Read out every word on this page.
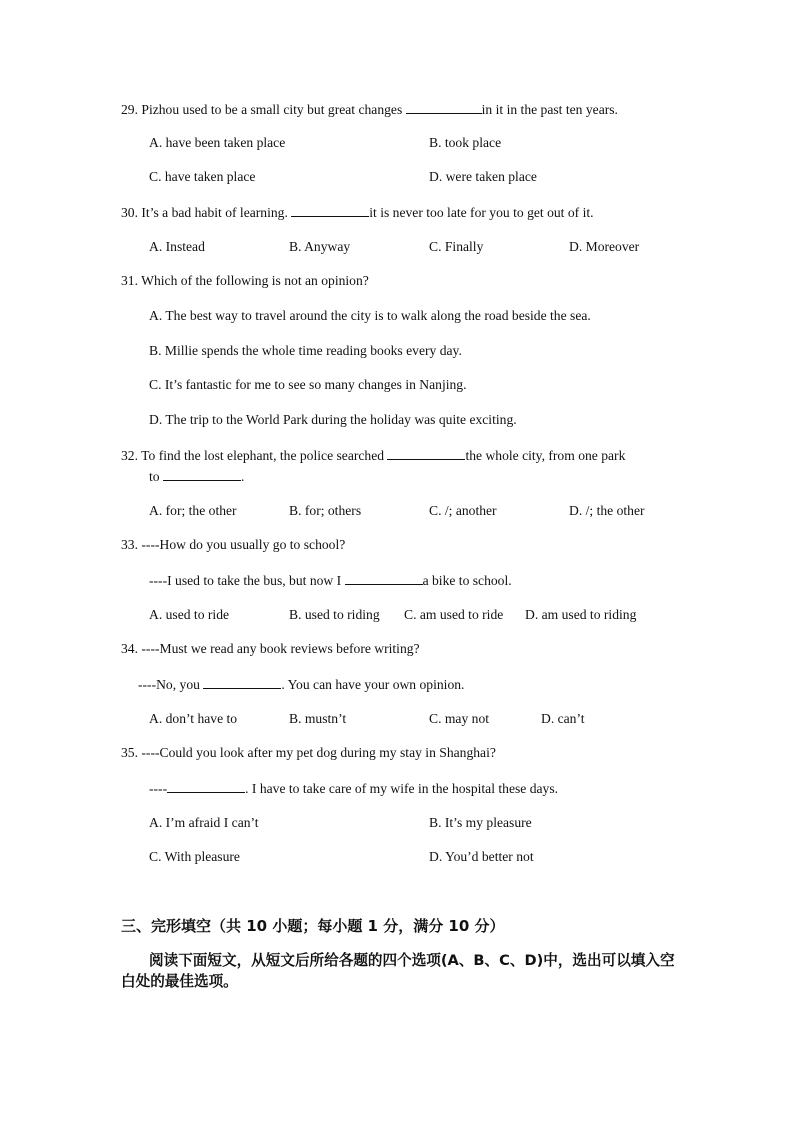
29. Pizhou used to be a small city but great changes	in it in the past ten years.
A. have been taken place	B. took place
C. have taken place	D. were taken place
30. It’s a bad habit of learning.	it is never too late for you to get out of it.
A. Instead	B. Anyway	C. Finally	D. Moreover
31. Which of the following is not an opinion?
A. The best way to travel around the city is to walk along the road beside the sea.
B. Millie spends the whole time reading books every day.
C. It’s fantastic for me to see so many changes in Nanjing.
D. The trip to the World Park during the holiday was quite exciting.
32. To find the lost elephant, the police searched	the whole city, from one park
to	.
A. for; the other	B. for; others	C. /; another	D. /; the other
33. ----How do you usually go to school?
----I used to take the bus, but now I	a bike to school.
A. used to ride	B. used to riding C. am used to ride D. am used to riding
34. ----Must we read any book reviews before writing?
----No, you	. You can have your own opinion.
A. don’t have to	B. mustn’t	C. may not	D. can’t
35. ----Could you look after my pet dog during my stay in Shanghai?
----	. I have to take care of my wife in the hospital these days.
A. I’m afraid I can’t	B. It’s my pleasure
C. With pleasure	D. You’d better not
三、完形填空（共 10 小题；每小题 1 分，满分 10 分）
阅读下面短文，从短文后所给各题的四个选项(A、B、C、D)中，选出可以填入空
白处的最佳选项。
